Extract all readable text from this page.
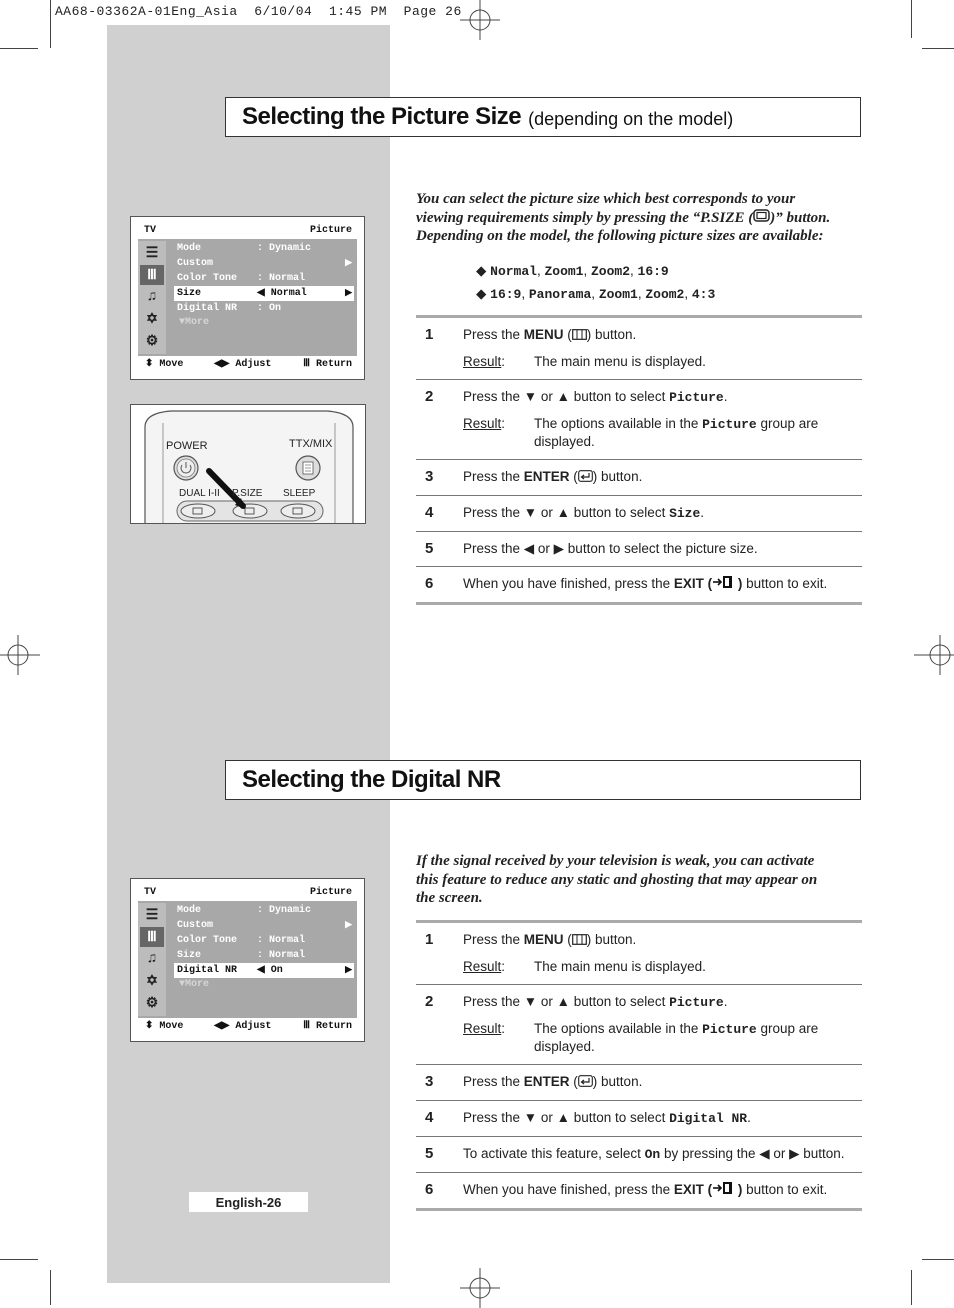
AA68-03362A-01Eng_Asia  6/10/04  1:45 PM  Page 26
Selecting the Picture Size (depending on the model)
You can select the picture size which best corresponds to your
viewing requirements simply by pressing the “P.SIZE ( )” button.
Depending on the model, the following picture sizes are available:
◆ Normal, Zoom1, Zoom2, 16:9
◆ 16:9, Panorama, Zoom1, Zoom2, 4:3
TV	Picture
☰
Ⅲ
♫
✡
⚙
Mode	: Dynamic
Custom	▶
Color Tone : Normal
Size	◀ Normal	▶
Digital NR : On
▼More
⬍ Move	◀▶ Adjust	Ⅲ Return
POWER	TTX/MIX
DUAL I-II P.SIZE SLEEP
1	Press the MENU ( ) button.
Result:	The main menu is displayed.
2	Press the ▼ or ▲ button to select Picture.
Result:	The options available in the Picture group are displayed.
3	Press the ENTER ( ) button.
4	Press the ▼ or ▲ button to select Size.
5	Press the ◀ or ▶ button to select the picture size.
6	When you have finished, press the EXIT ( ) button to exit.
Selecting the Digital NR
If the signal received by your television is weak, you can activate
this feature to reduce any static and ghosting that may appear on
the screen.
TV	Picture
☰
Ⅲ
♫
✡
⚙
Mode	: Dynamic
Custom	▶
Color Tone : Normal
Size	: Normal
Digital NR ◀ On	▶
▼More
⬍ Move	◀▶ Adjust	Ⅲ Return
1	Press the MENU ( ) button.
Result:	The main menu is displayed.
2	Press the ▼ or ▲ button to select Picture.
Result:	The options available in the Picture group are displayed.
3	Press the ENTER ( ) button.
4	Press the ▼ or ▲ button to select Digital NR.
5	To activate this feature, select On by pressing the ◀ or ▶ button.
6	When you have finished, press the EXIT ( ) button to exit.
English-26
